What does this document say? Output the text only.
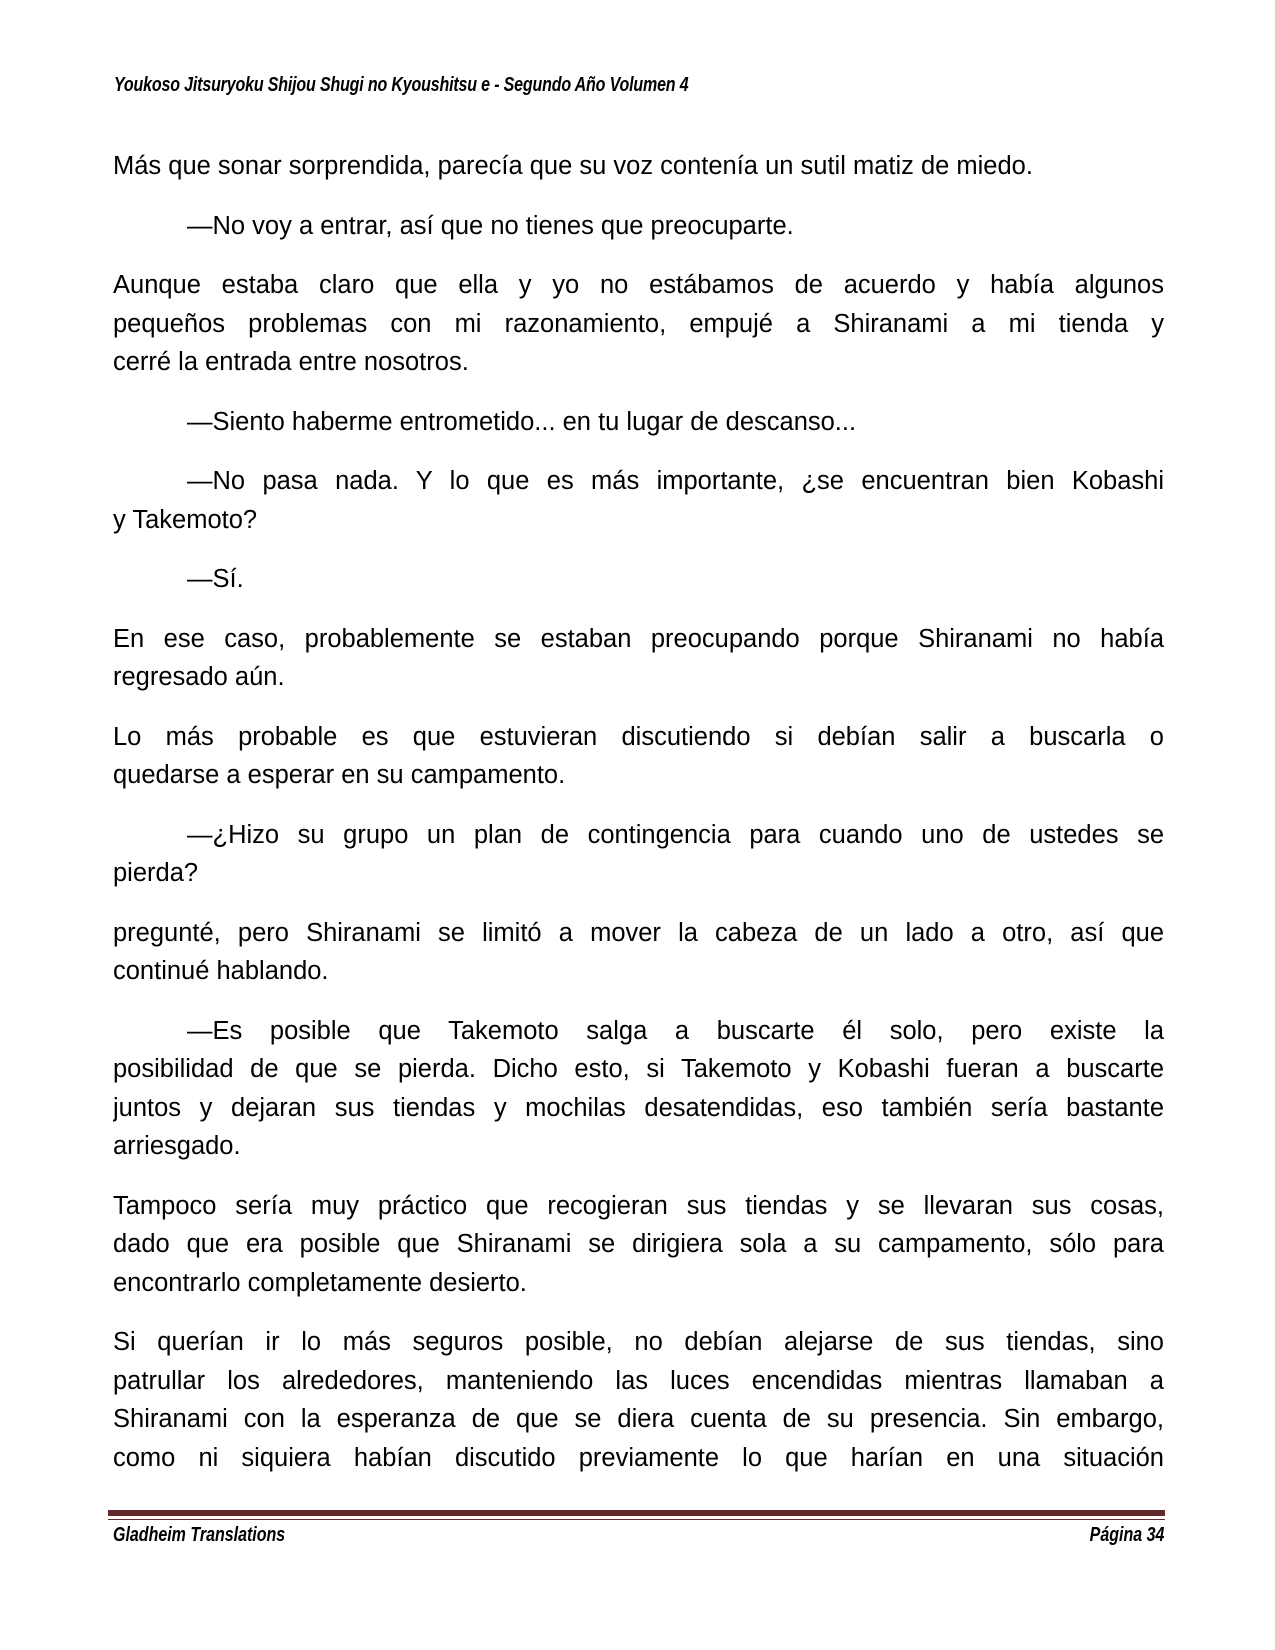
Youkoso Jitsuryoku Shijou Shugi no Kyoushitsu e - Segundo Año Volumen 4
Más que sonar sorprendida, parecía que su voz contenía un sutil matiz de miedo.
—No voy a entrar, así que no tienes que preocuparte.
Aunque estaba claro que ella y yo no estábamos de acuerdo y había algunos
pequeños problemas con mi razonamiento, empujé a Shiranami a mi tienda y
cerré la entrada entre nosotros.
—Siento haberme entrometido... en tu lugar de descanso...
—No pasa nada. Y lo que es más importante, ¿se encuentran bien Kobashi
y Takemoto?
—Sí.
En ese caso, probablemente se estaban preocupando porque Shiranami no había
regresado aún.
Lo más probable es que estuvieran discutiendo si debían salir a buscarla o
quedarse a esperar en su campamento.
—¿Hizo su grupo un plan de contingencia para cuando uno de ustedes se
pierda?
pregunté, pero Shiranami se limitó a mover la cabeza de un lado a otro, así que
continué hablando.
—Es posible que Takemoto salga a buscarte él solo, pero existe la
posibilidad de que se pierda. Dicho esto, si Takemoto y Kobashi fueran a buscarte
juntos y dejaran sus tiendas y mochilas desatendidas, eso también sería bastante
arriesgado.
Tampoco sería muy práctico que recogieran sus tiendas y se llevaran sus cosas,
dado que era posible que Shiranami se dirigiera sola a su campamento, sólo para
encontrarlo completamente desierto.
Si querían ir lo más seguros posible, no debían alejarse de sus tiendas, sino
patrullar los alrededores, manteniendo las luces encendidas mientras llamaban a
Shiranami con la esperanza de que se diera cuenta de su presencia. Sin embargo,
como ni siquiera habían discutido previamente lo que harían en una situación
Gladheim Translations	Página 34
